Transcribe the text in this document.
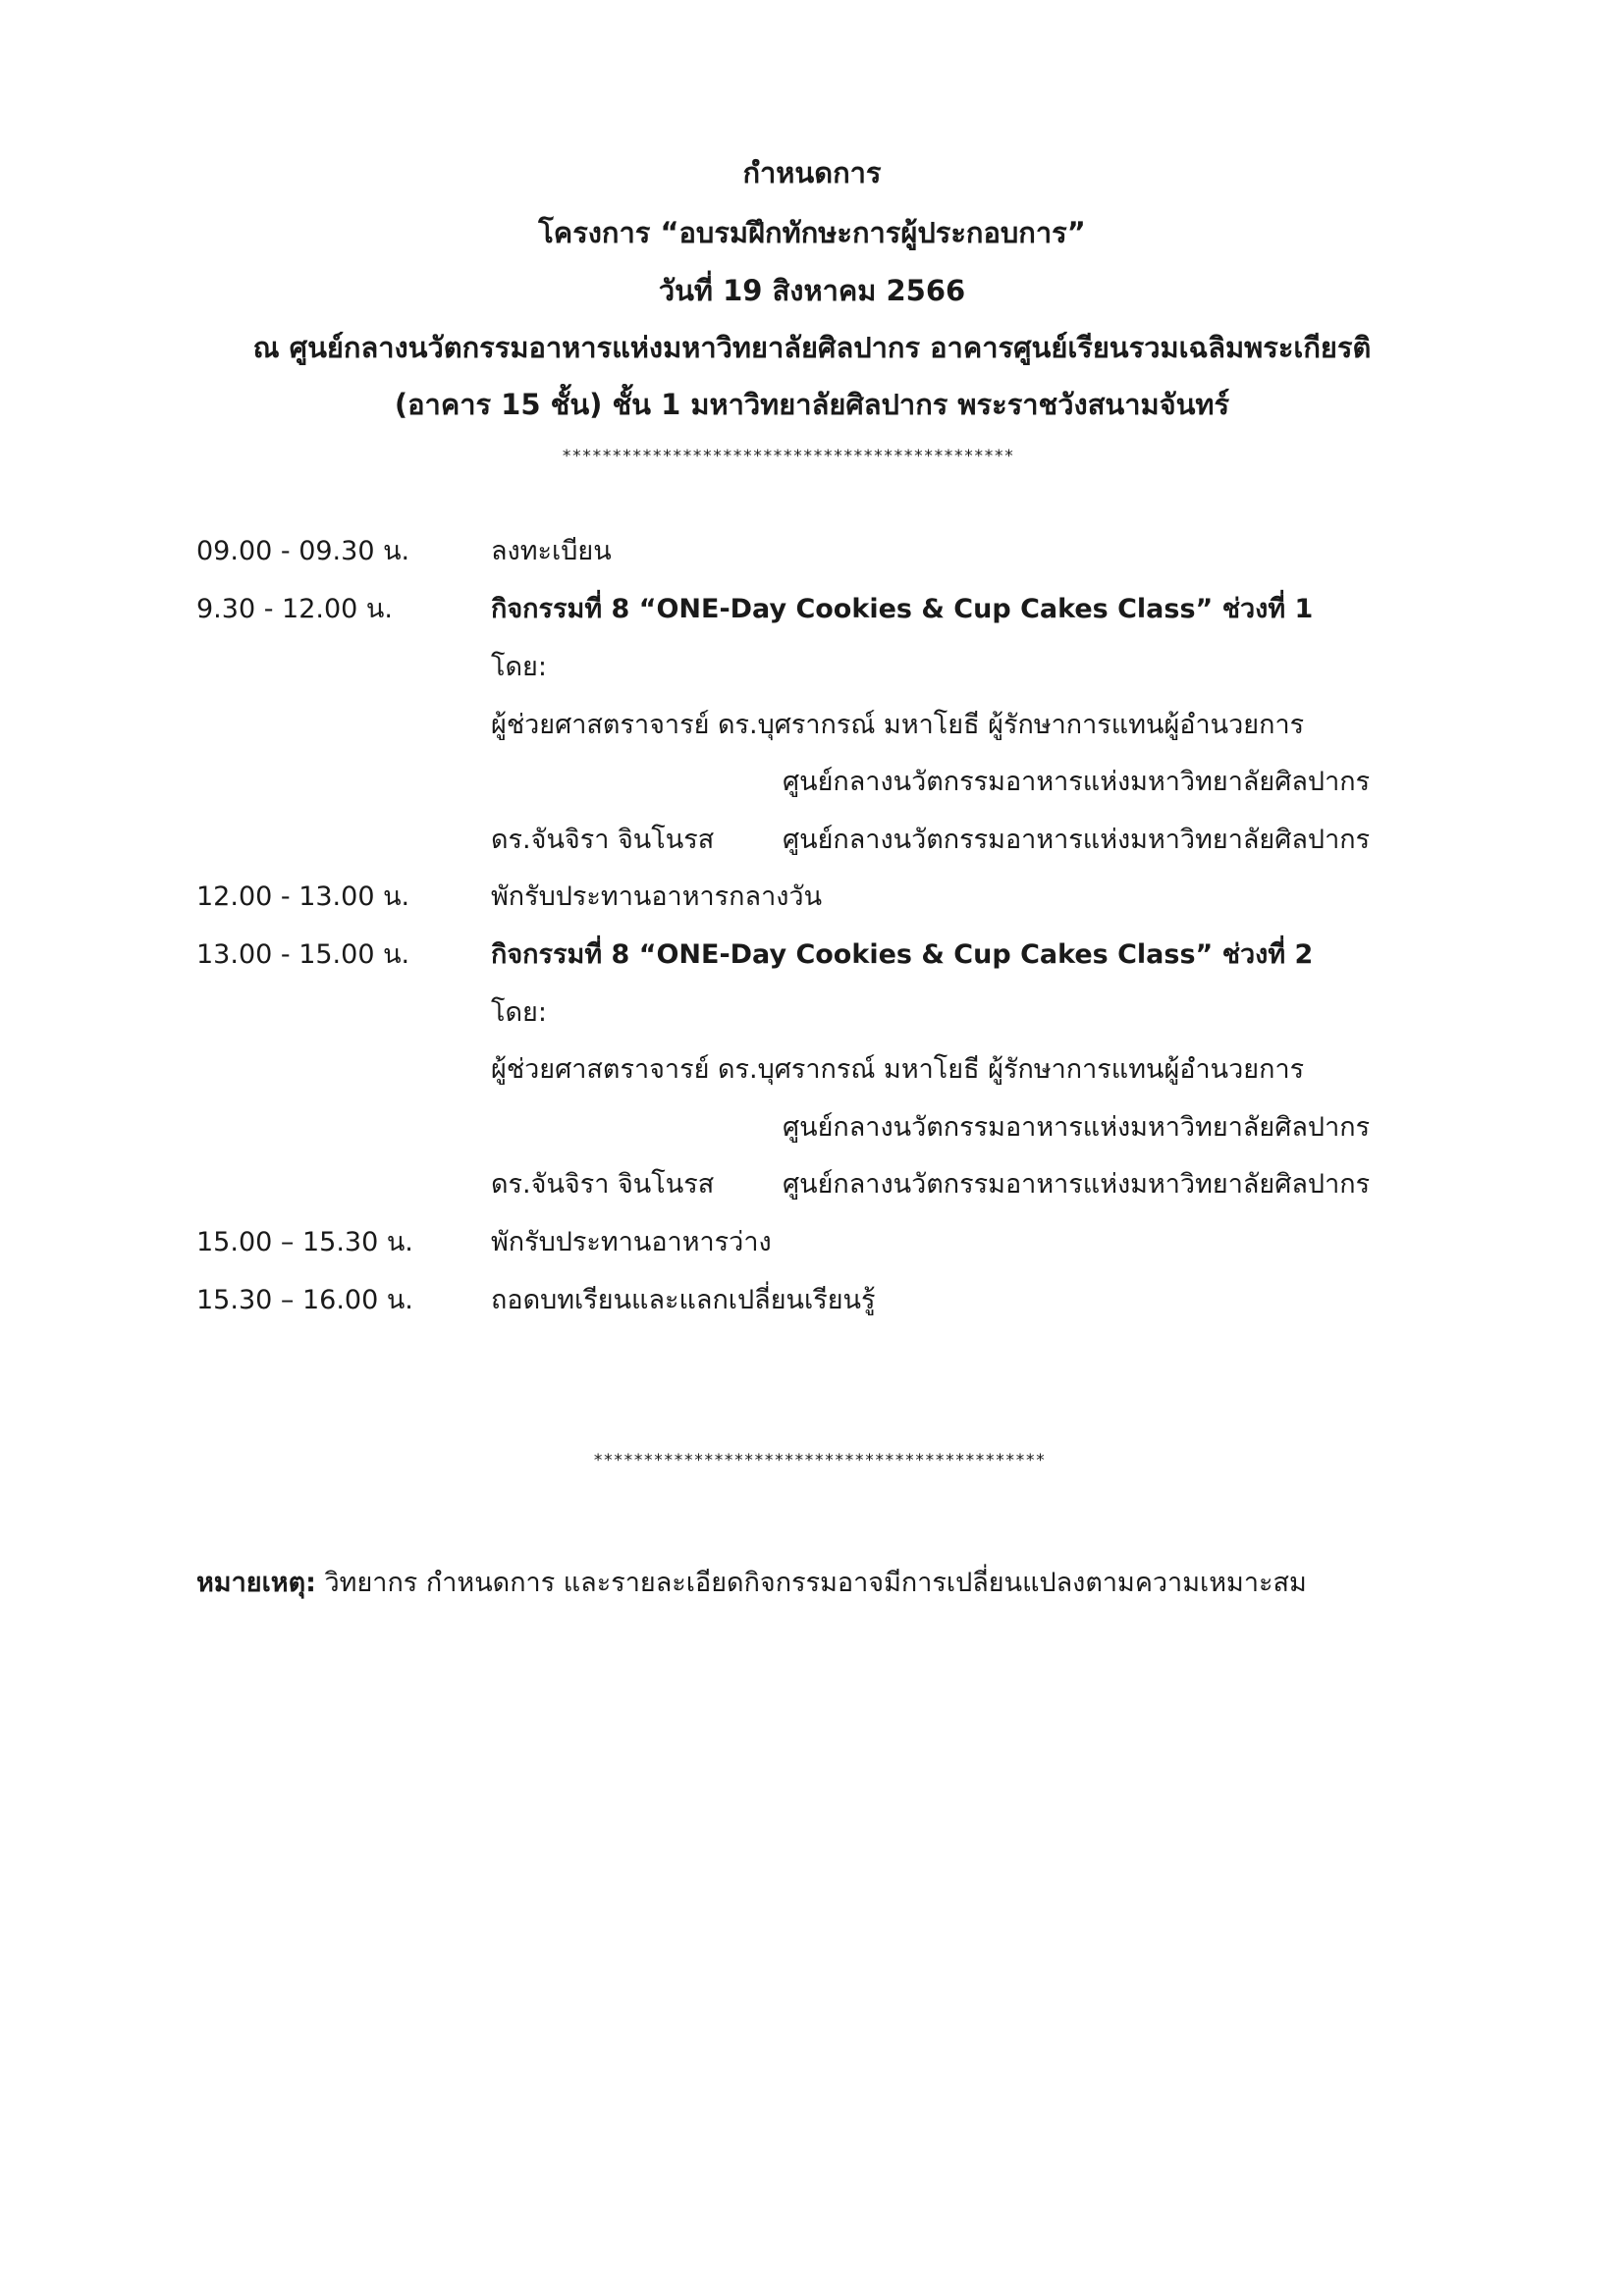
กำหนดการ
โครงการ “อบรมฝึกทักษะการผู้ประกอบการ”
วันที่ 19 สิงหาคม 2566
ณ ศูนย์กลางนวัตกรรมอาหารแห่งมหาวิทยาลัยศิลปากร อาคารศูนย์เรียนรวมเฉลิมพระเกียรติ
(อาคาร 15 ชั้น) ชั้น 1 มหาวิทยาลัยศิลปากร พระราชวังสนามจันทร์
*********************************************
09.00 - 09.30 น.	ลงทะเบียน
9.30 - 12.00 น.	กิจกรรมที่ 8 “ONE-Day Cookies & Cup Cakes Class” ช่วงที่ 1
โดย:
ผู้ช่วยศาสตราจารย์ ดร.บุศรากรณ์ มหาโยธี ผู้รักษาการแทนผู้อำนวยการ
ศูนย์กลางนวัตกรรมอาหารแห่งมหาวิทยาลัยศิลปากร
ดร.จันจิรา จินโนรส	ศูนย์กลางนวัตกรรมอาหารแห่งมหาวิทยาลัยศิลปากร
12.00 - 13.00 น.	พักรับประทานอาหารกลางวัน
13.00 - 15.00 น.	กิจกรรมที่ 8 “ONE-Day Cookies & Cup Cakes Class” ช่วงที่ 2
โดย:
ผู้ช่วยศาสตราจารย์ ดร.บุศรากรณ์ มหาโยธี ผู้รักษาการแทนผู้อำนวยการ
ศูนย์กลางนวัตกรรมอาหารแห่งมหาวิทยาลัยศิลปากร
ดร.จันจิรา จินโนรส	ศูนย์กลางนวัตกรรมอาหารแห่งมหาวิทยาลัยศิลปากร
15.00 – 15.30 น.	พักรับประทานอาหารว่าง
15.30 – 16.00 น.	ถอดบทเรียนและแลกเปลี่ยนเรียนรู้
*********************************************
หมายเหตุ: วิทยากร กำหนดการ และรายละเอียดกิจกรรมอาจมีการเปลี่ยนแปลงตามความเหมาะสม
